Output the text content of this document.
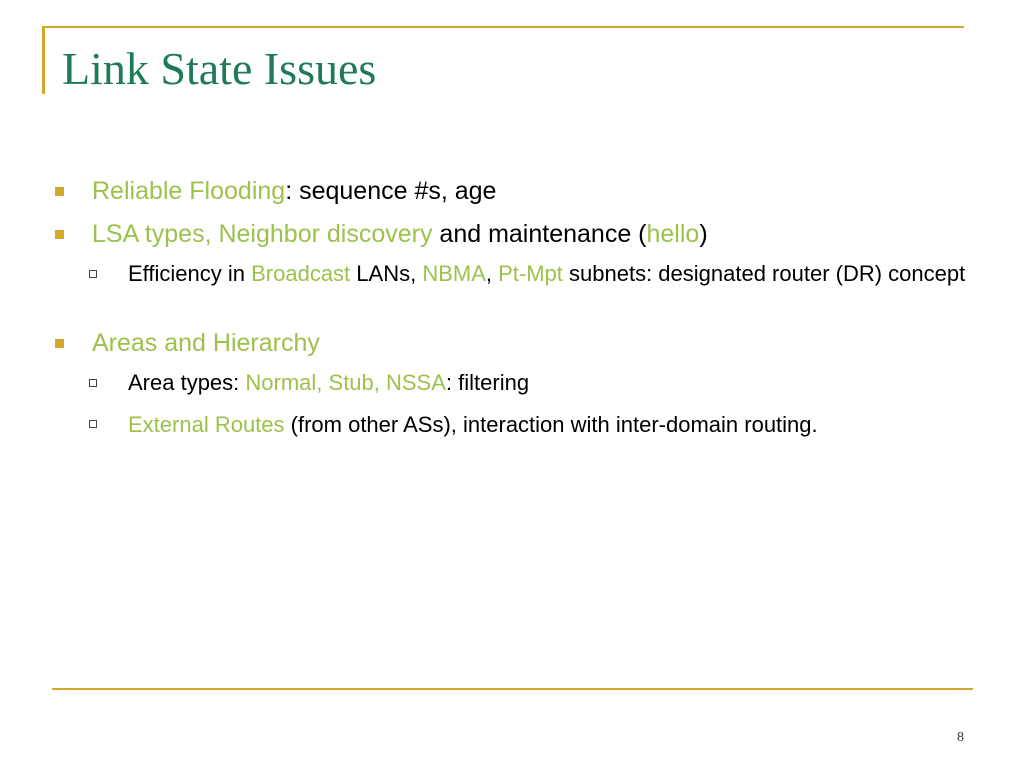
Link State Issues
Reliable Flooding: sequence #s, age
LSA types, Neighbor discovery and maintenance (hello)
Efficiency in Broadcast LANs, NBMA, Pt-Mpt subnets: designated router (DR) concept
Areas and Hierarchy
Area types: Normal, Stub, NSSA: filtering
External Routes (from other ASs), interaction with inter-domain routing.
8
